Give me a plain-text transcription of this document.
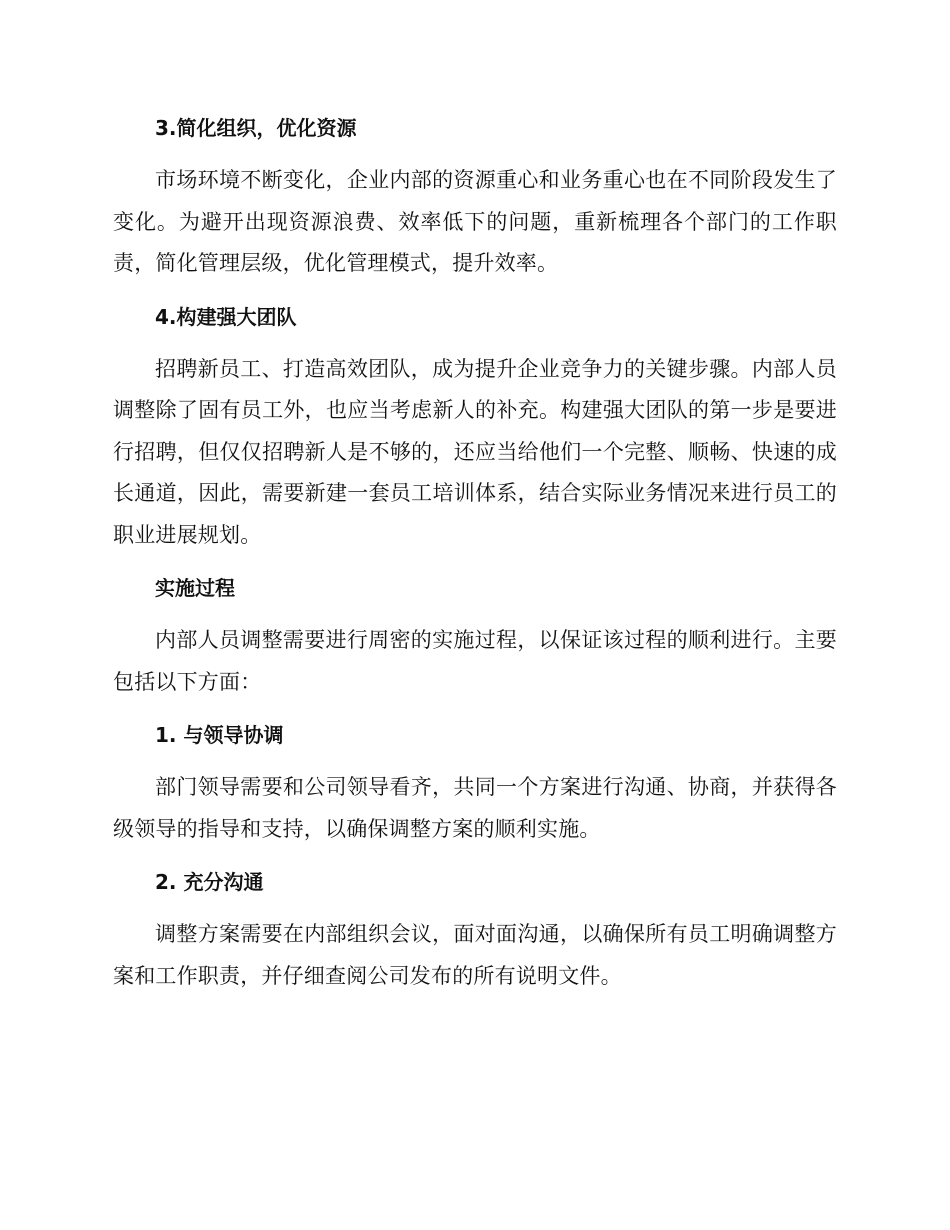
3.简化组织，优化资源

市场环境不断变化，企业内部的资源重心和业务重心也在不同阶段发生了变化。为避开出现资源浪费、效率低下的问题，重新梳理各个部门的工作职责，简化管理层级，优化管理模式，提升效率。

4.构建强大团队

招聘新员工、打造高效团队，成为提升企业竞争力的关键步骤。内部人员调整除了固有员工外，也应当考虑新人的补充。构建强大团队的第一步是要进行招聘，但仅仅招聘新人是不够的，还应当给他们一个完整、顺畅、快速的成长通道，因此，需要新建一套员工培训体系，结合实际业务情况来进行员工的职业进展规划。

实施过程

内部人员调整需要进行周密的实施过程，以保证该过程的顺利进行。主要包括以下方面：

1. 与领导协调

部门领导需要和公司领导看齐，共同一个方案进行沟通、协商，并获得各级领导的指导和支持，以确保调整方案的顺利实施。

2. 充分沟通

调整方案需要在内部组织会议，面对面沟通，以确保所有员工明确调整方案和工作职责，并仔细查阅公司发布的所有说明文件。
